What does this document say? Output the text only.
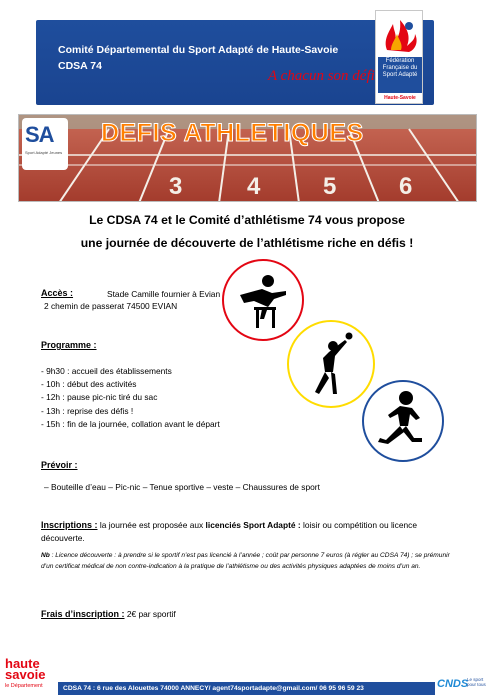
Comité Départemental du Sport Adapté de Haute-Savoie
CDSA 74
A chacun son défi
Fédération Française du Sport Adapté
Haute-Savoie
3	4	5	6
SA
Sport Adapté Jeunes
DEFIS ATHLETIQUES
Le CDSA 74 et le Comité d’athlétisme 74 vous propose
une journée de découverte de l’athlétisme riche en défis !
Accès :	Stade Camille fournier à Evian
2 chemin de passerat 74500 EVIAN
Programme :
- 9h30 : accueil des établissements
- 10h : début des activités
- 12h : pause pic-nic tiré du sac
- 13h : reprise des défis !
- 15h : fin de la journée, collation avant le départ
Prévoir :
– Bouteille d’eau – Pic-nic – Tenue sportive – veste – Chaussures de sport
Inscriptions : la journée est proposée aux licenciés Sport Adapté : loisir ou compétition ou licence découverte.
Nb : Licence découverte : à prendre si le sportif n’est pas licencié à l’année ; coût par personne 7 euros (à régler au CDSA 74) ; se prémunir d’un certificat médical de non contre-indication à la pratique de l’athlétisme ou des activités physiques adaptées de moins d’un an.
Frais d’inscription : 2€ par sportif
haute
savoie
le Département	CDSA 74 : 6 rue des Alouettes 74000 ANNECY/ agent74sportadapte@gmail.com/ 06 95 96 59 23	CNDS
Le sport pour tous
